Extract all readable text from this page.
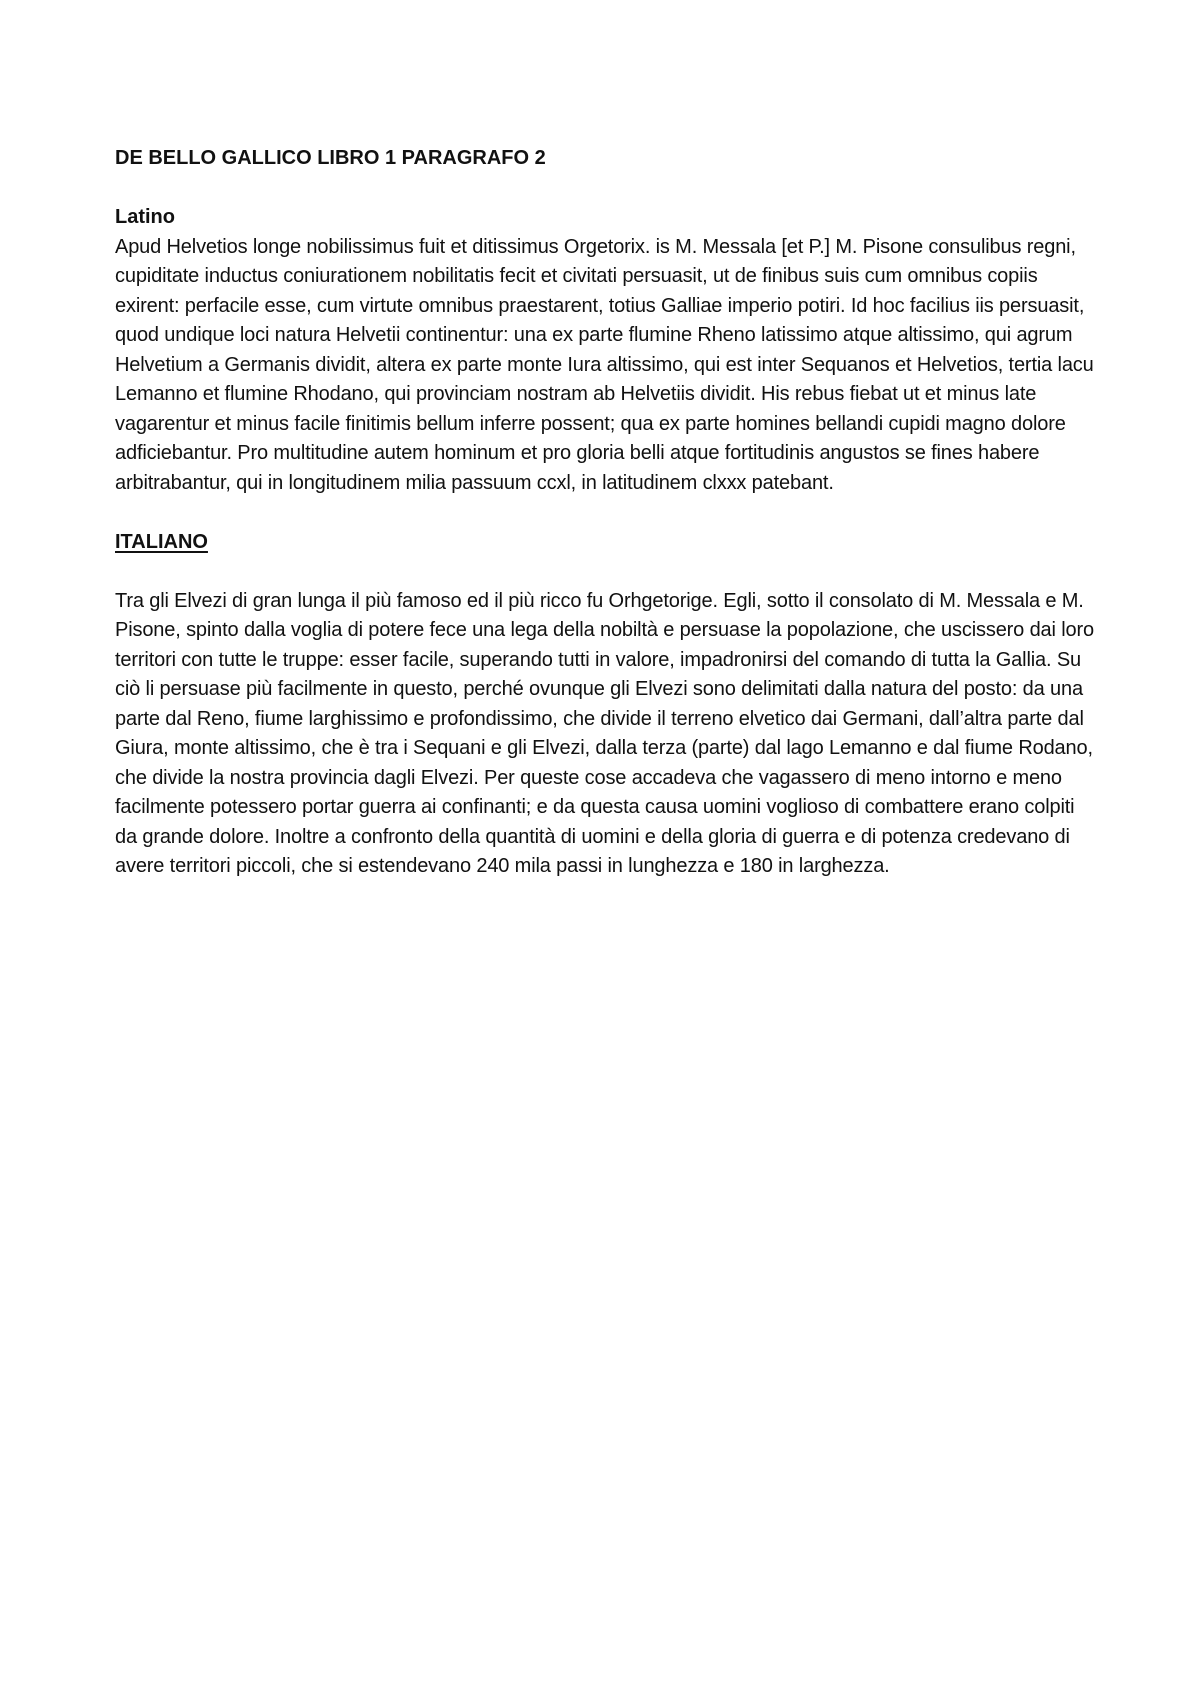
DE BELLO GALLICO LIBRO 1 PARAGRAFO 2

Latino

Apud Helvetios longe nobilissimus fuit et ditissimus Orgetorix. is M. Messala [et P.] M. Pisone consulibus regni, cupiditate inductus coniurationem nobilitatis fecit et civitati persuasit, ut de finibus suis cum omnibus copiis exirent: perfacile esse, cum virtute omnibus praestarent, totius Galliae imperio potiri. Id hoc facilius iis persuasit, quod undique loci natura Helvetii continentur: una ex parte flumine Rheno latissimo atque altissimo, qui agrum Helvetium a Germanis dividit, altera ex parte monte Iura altissimo, qui est inter Sequanos et Helvetios, tertia lacu Lemanno et flumine Rhodano, qui provinciam nostram ab Helvetiis dividit. His rebus fiebat ut et minus late vagarentur et minus facile finitimis bellum inferre possent; qua ex parte homines bellandi cupidi magno dolore adficiebantur. Pro multitudine autem hominum et pro gloria belli atque fortitudinis angustos se fines habere arbitrabantur, qui in longitudinem milia passuum ccxl, in latitudinem clxxx patebant.

ITALIANO

Tra gli Elvezi di gran lunga il più famoso ed il più ricco fu Orhgetorige. Egli, sotto il consolato di M. Messala e M. Pisone, spinto dalla voglia di potere fece una lega della nobiltà e persuase la popolazione, che uscissero dai loro territori con tutte le truppe: esser facile, superando tutti in valore, impadronirsi del comando di tutta la Gallia. Su ciò li persuase più facilmente in questo, perché ovunque gli Elvezi sono delimitati dalla natura del posto: da una parte dal Reno, fiume larghissimo e profondissimo, che divide il terreno elvetico dai Germani, dall’altra parte dal Giura, monte altissimo, che è tra i Sequani e gli Elvezi, dalla terza (parte) dal lago Lemanno e dal fiume Rodano, che divide la nostra provincia dagli Elvezi. Per queste cose accadeva che vagassero di meno intorno e meno facilmente potessero portar guerra ai confinanti; e da questa causa uomini voglioso di combattere erano colpiti da grande dolore. Inoltre a confronto della quantità di uomini e della gloria di guerra e di potenza credevano di avere territori piccoli, che si estendevano 240 mila passi in lunghezza e 180 in larghezza.
